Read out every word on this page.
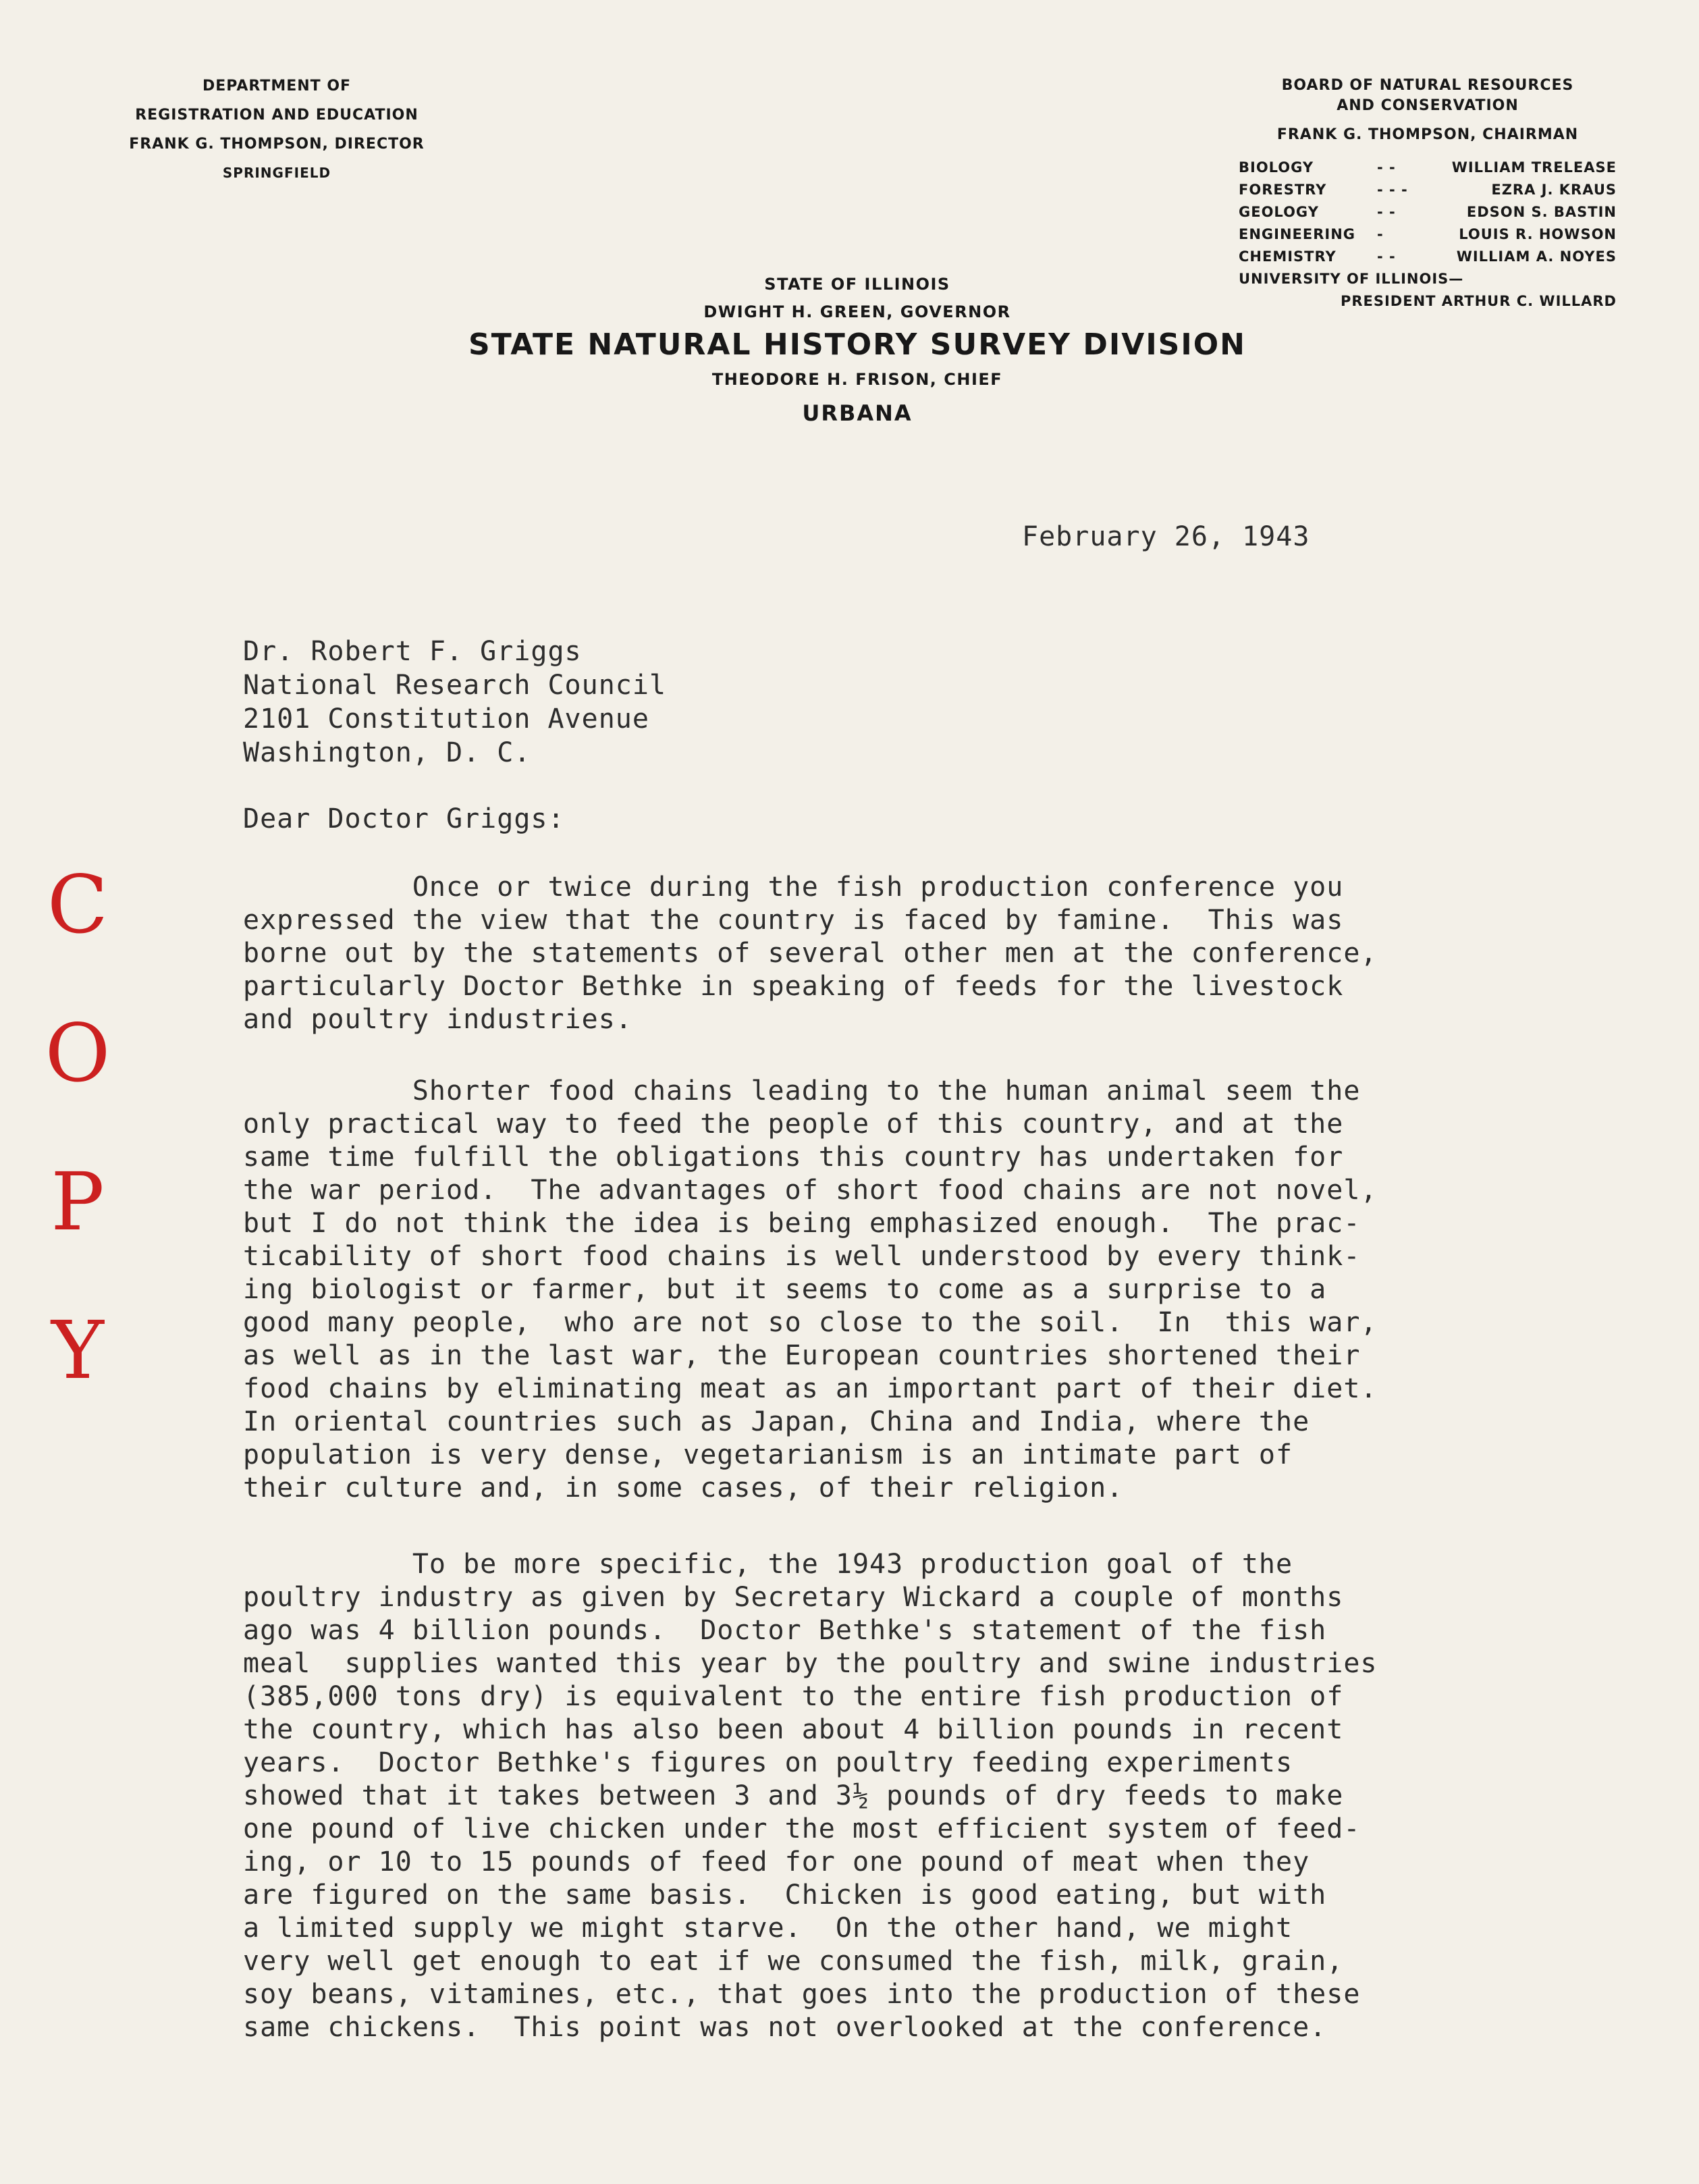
DEPARTMENT OF
REGISTRATION AND EDUCATION
FRANK G. THOMPSON, DIRECTOR
SPRINGFIELD
BOARD OF NATURAL RESOURCES
AND CONSERVATION
FRANK G. THOMPSON, CHAIRMAN
BIOLOGY	- -	WILLIAM TRELEASE
FORESTRY	- - -	EZRA J. KRAUS
GEOLOGY	- -	EDSON S. BASTIN
ENGINEERING	-	LOUIS R. HOWSON
CHEMISTRY	- -	WILLIAM A. NOYES
UNIVERSITY OF ILLINOIS—
PRESIDENT ARTHUR C. WILLARD
STATE OF ILLINOIS
DWIGHT H. GREEN, GOVERNOR
STATE NATURAL HISTORY SURVEY DIVISION
THEODORE H. FRISON, CHIEF
URBANA
February 26, 1943
Dr. Robert F. Griggs
National Research Council
2101 Constitution Avenue
Washington, D. C.
Dear Doctor Griggs:
Once or twice during the fish production conference you
expressed the view that the country is faced by famine.  This was
borne out by the statements of several other men at the conference,
particularly Doctor Bethke in speaking of feeds for the livestock
and poultry industries.
Shorter food chains leading to the human animal seem the
only practical way to feed the people of this country, and at the
same time fulfill the obligations this country has undertaken for
the war period.  The advantages of short food chains are not novel,
but I do not think the idea is being emphasized enough.  The prac-
ticability of short food chains is well understood by every think-
ing biologist or farmer, but it seems to come as a surprise to a
good many people,  who are not so close to the soil.  In  this war,
as well as in the last war, the European countries shortened their
food chains by eliminating meat as an important part of their diet.
In oriental countries such as Japan, China and India, where the
population is very dense, vegetarianism is an intimate part of
their culture and, in some cases, of their religion.
To be more specific, the 1943 production goal of the
poultry industry as given by Secretary Wickard a couple of months
ago was 4 billion pounds.  Doctor Bethke's statement of the fish
meal  supplies wanted this year by the poultry and swine industries
(385,000 tons dry) is equivalent to the entire fish production of
the country, which has also been about 4 billion pounds in recent
years.  Doctor Bethke's figures on poultry feeding experiments
showed that it takes between 3 and 3½ pounds of dry feeds to make
one pound of live chicken under the most efficient system of feed-
ing, or 10 to 15 pounds of feed for one pound of meat when they
are figured on the same basis.  Chicken is good eating, but with
a limited supply we might starve.  On the other hand, we might
very well get enough to eat if we consumed the fish, milk, grain,
soy beans, vitamines, etc., that goes into the production of these
same chickens.  This point was not overlooked at the conference.
C
O
P
Y
